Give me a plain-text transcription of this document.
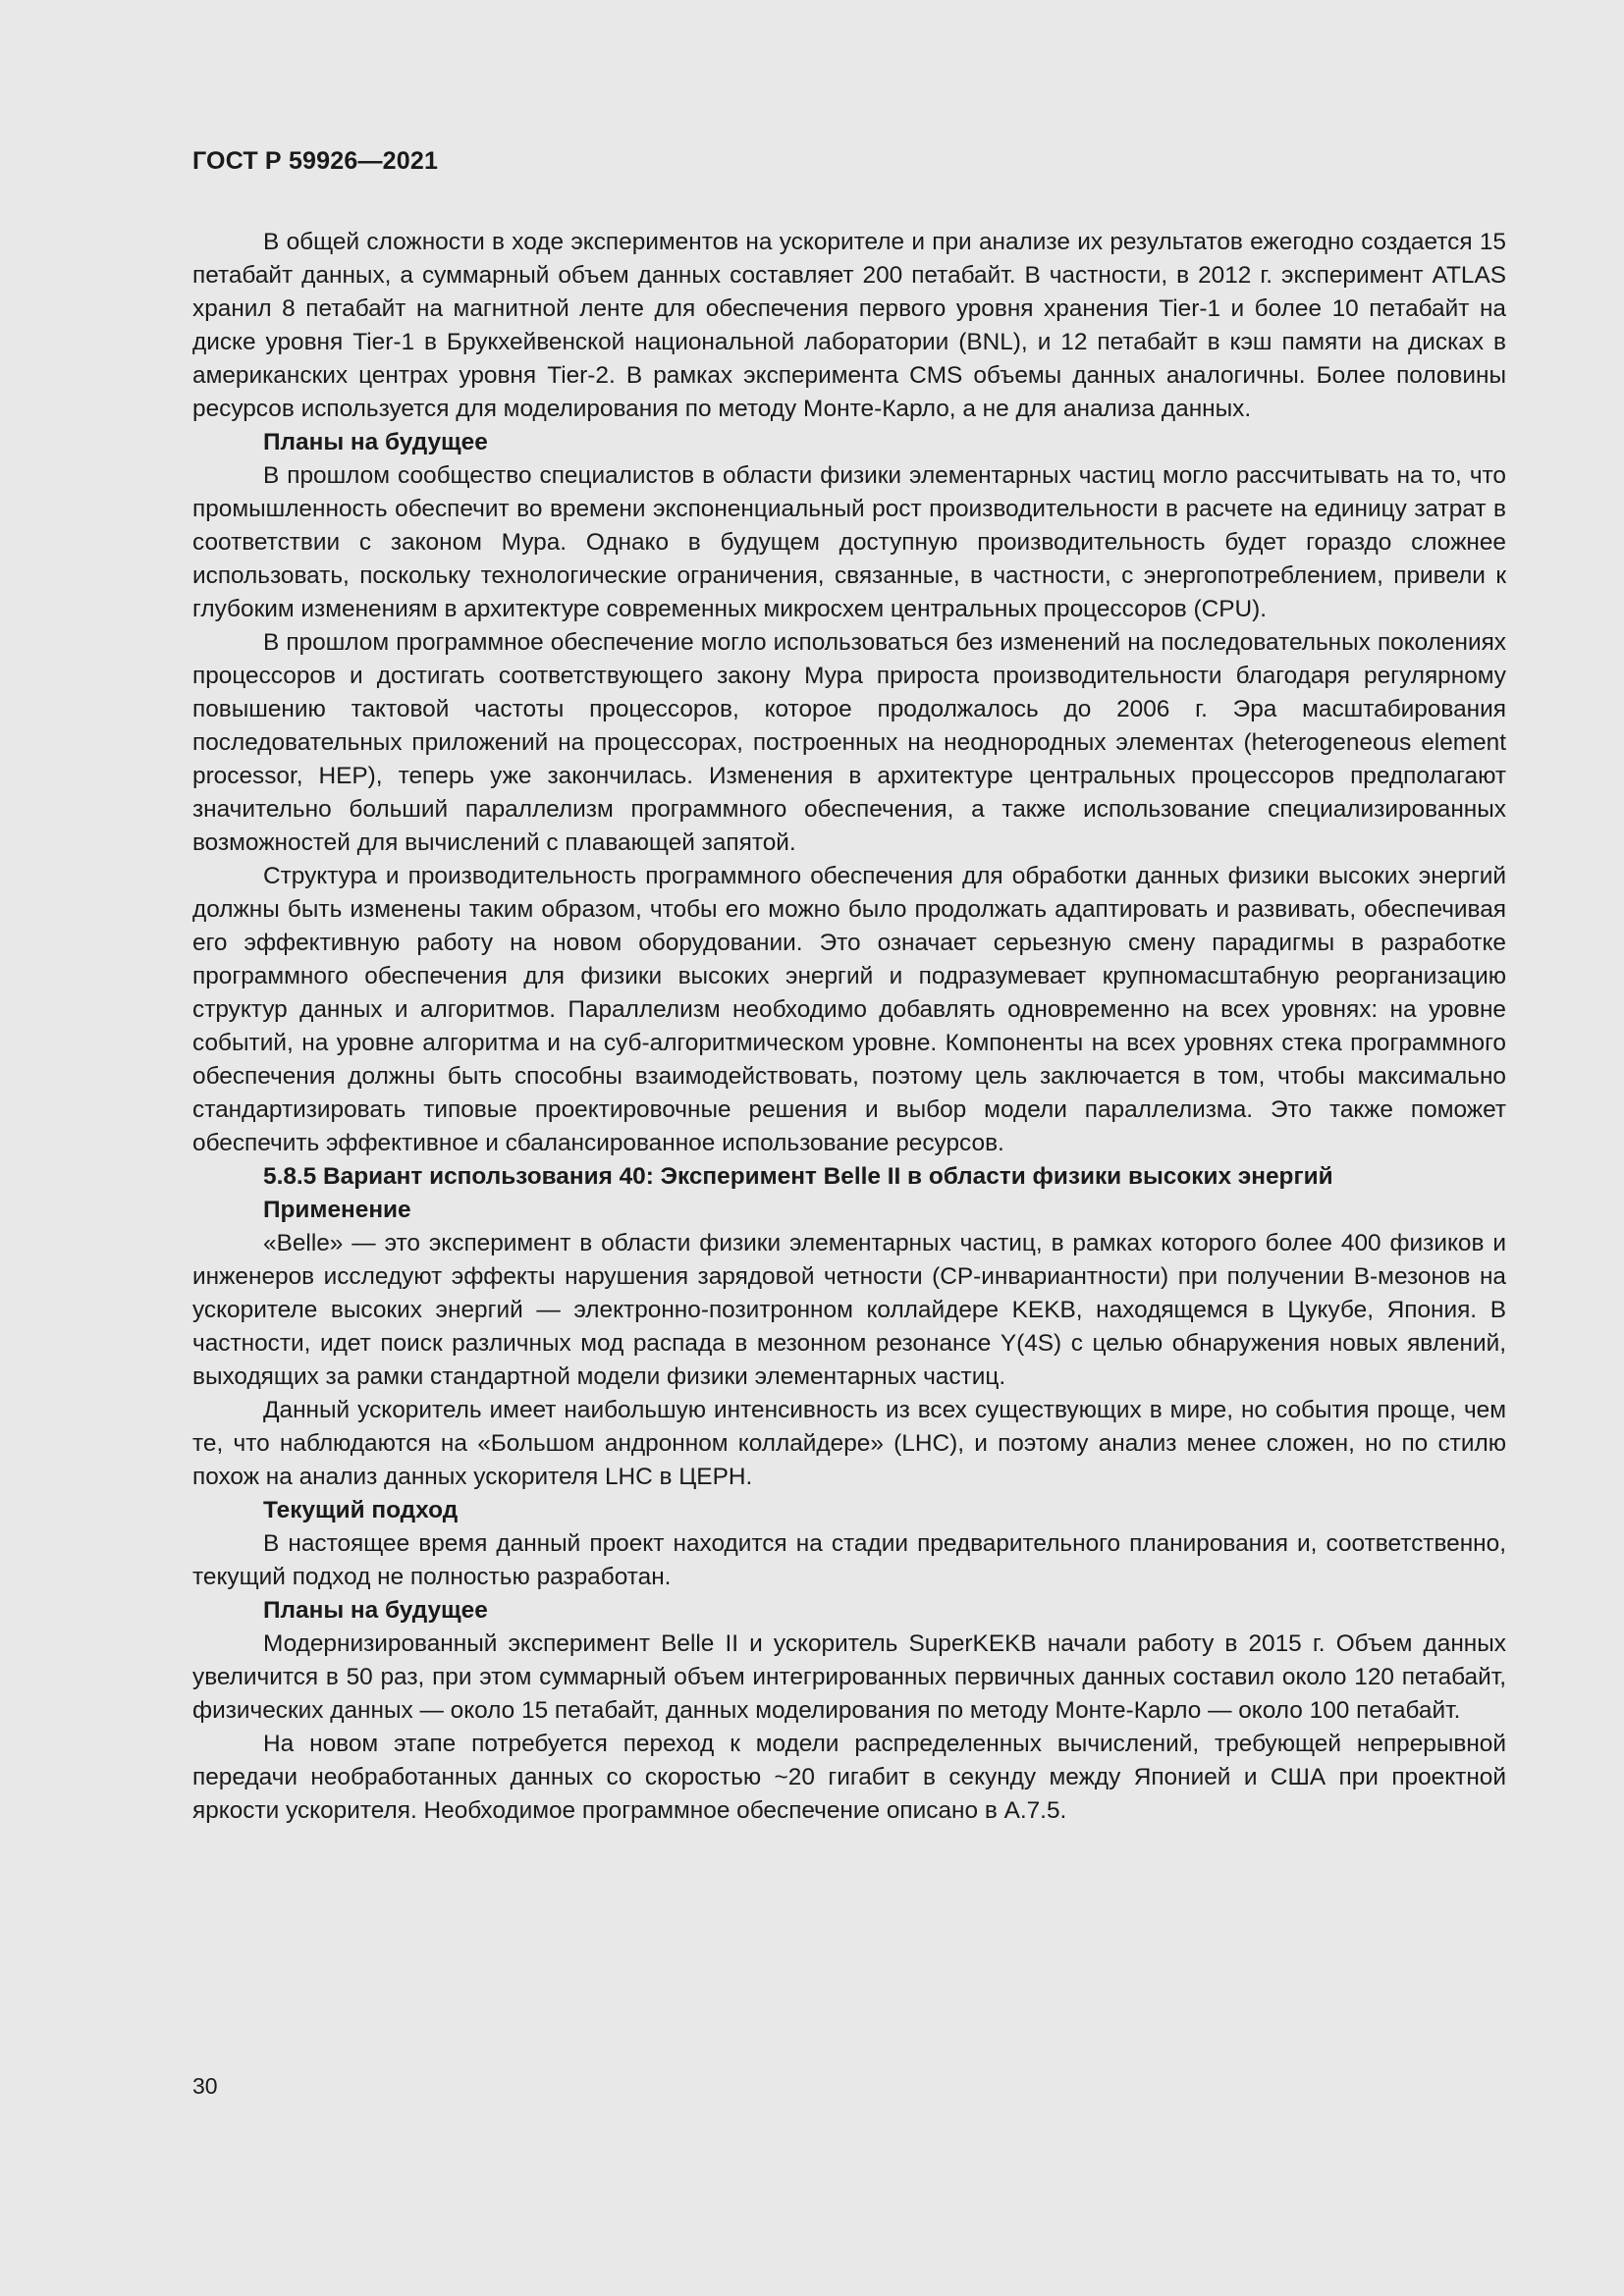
ГОСТ Р 59926—2021

В общей сложности в ходе экспериментов на ускорителе и при анализе их результатов ежегодно создается 15 петабайт данных, а суммарный объем данных составляет 200 петабайт. В частности, в 2012 г. эксперимент ATLAS хранил 8 петабайт на магнитной ленте для обеспечения первого уровня хранения Tier-1 и более 10 петабайт на диске уровня Tier-1 в Брукхейвенской национальной лаборатории (BNL), и 12 петабайт в кэш памяти на дисках в американских центрах уровня Tier-2. В рамках эксперимента CMS объемы данных аналогичны. Более половины ресурсов используется для моделирования по методу Монте-Карло, а не для анализа данных.

Планы на будущее

В прошлом сообщество специалистов в области физики элементарных частиц могло рассчитывать на то, что промышленность обеспечит во времени экспоненциальный рост производительности в расчете на единицу затрат в соответствии с законом Мура. Однако в будущем доступную производительность будет гораздо сложнее использовать, поскольку технологические ограничения, связанные, в частности, с энергопотреблением, привели к глубоким изменениям в архитектуре современных микросхем центральных процессоров (CPU).

В прошлом программное обеспечение могло использоваться без изменений на последовательных поколениях процессоров и достигать соответствующего закону Мура прироста производительности благодаря регулярному повышению тактовой частоты процессоров, которое продолжалось до 2006 г. Эра масштабирования последовательных приложений на процессорах, построенных на неоднородных элементах (heterogeneous element processor, HEP), теперь уже закончилась. Изменения в архитектуре центральных процессоров предполагают значительно больший параллелизм программного обеспечения, а также использование специализированных возможностей для вычислений с плавающей запятой.

Структура и производительность программного обеспечения для обработки данных физики высоких энергий должны быть изменены таким образом, чтобы его можно было продолжать адаптировать и развивать, обеспечивая его эффективную работу на новом оборудовании. Это означает серьезную смену парадигмы в разработке программного обеспечения для физики высоких энергий и подразумевает крупномасштабную реорганизацию структур данных и алгоритмов. Параллелизм необходимо добавлять одновременно на всех уровнях: на уровне событий, на уровне алгоритма и на суб-алгоритмическом уровне. Компоненты на всех уровнях стека программного обеспечения должны быть способны взаимодействовать, поэтому цель заключается в том, чтобы максимально стандартизировать типовые проектировочные решения и выбор модели параллелизма. Это также поможет обеспечить эффективное и сбалансированное использование ресурсов.

5.8.5 Вариант использования 40: Эксперимент Belle II в области физики высоких энергий
Применение

«Belle» — это эксперимент в области физики элементарных частиц, в рамках которого более 400 физиков и инженеров исследуют эффекты нарушения зарядовой четности (CP-инвариантности) при получении B-мезонов на ускорителе высоких энергий — электронно-позитронном коллайдере KEKB, находящемся в Цукубе, Япония. В частности, идет поиск различных мод распада в мезонном резонансе Y(4S) с целью обнаружения новых явлений, выходящих за рамки стандартной модели физики элементарных частиц.

Данный ускоритель имеет наибольшую интенсивность из всех существующих в мире, но события проще, чем те, что наблюдаются на «Большом андронном коллайдере» (LHC), и поэтому анализ менее сложен, но по стилю похож на анализ данных ускорителя LHC в ЦЕРН.

Текущий подход

В настоящее время данный проект находится на стадии предварительного планирования и, соответственно, текущий подход не полностью разработан.

Планы на будущее

Модернизированный эксперимент Belle II и ускоритель SuperKEKB начали работу в 2015 г. Объем данных увеличится в 50 раз, при этом суммарный объем интегрированных первичных данных составил около 120 петабайт, физических данных — около 15 петабайт, данных моделирования по методу Монте-Карло — около 100 петабайт.

На новом этапе потребуется переход к модели распределенных вычислений, требующей непрерывной передачи необработанных данных со скоростью ~20 гигабит в секунду между Японией и США при проектной яркости ускорителя. Необходимое программное обеспечение описано в А.7.5.

30
